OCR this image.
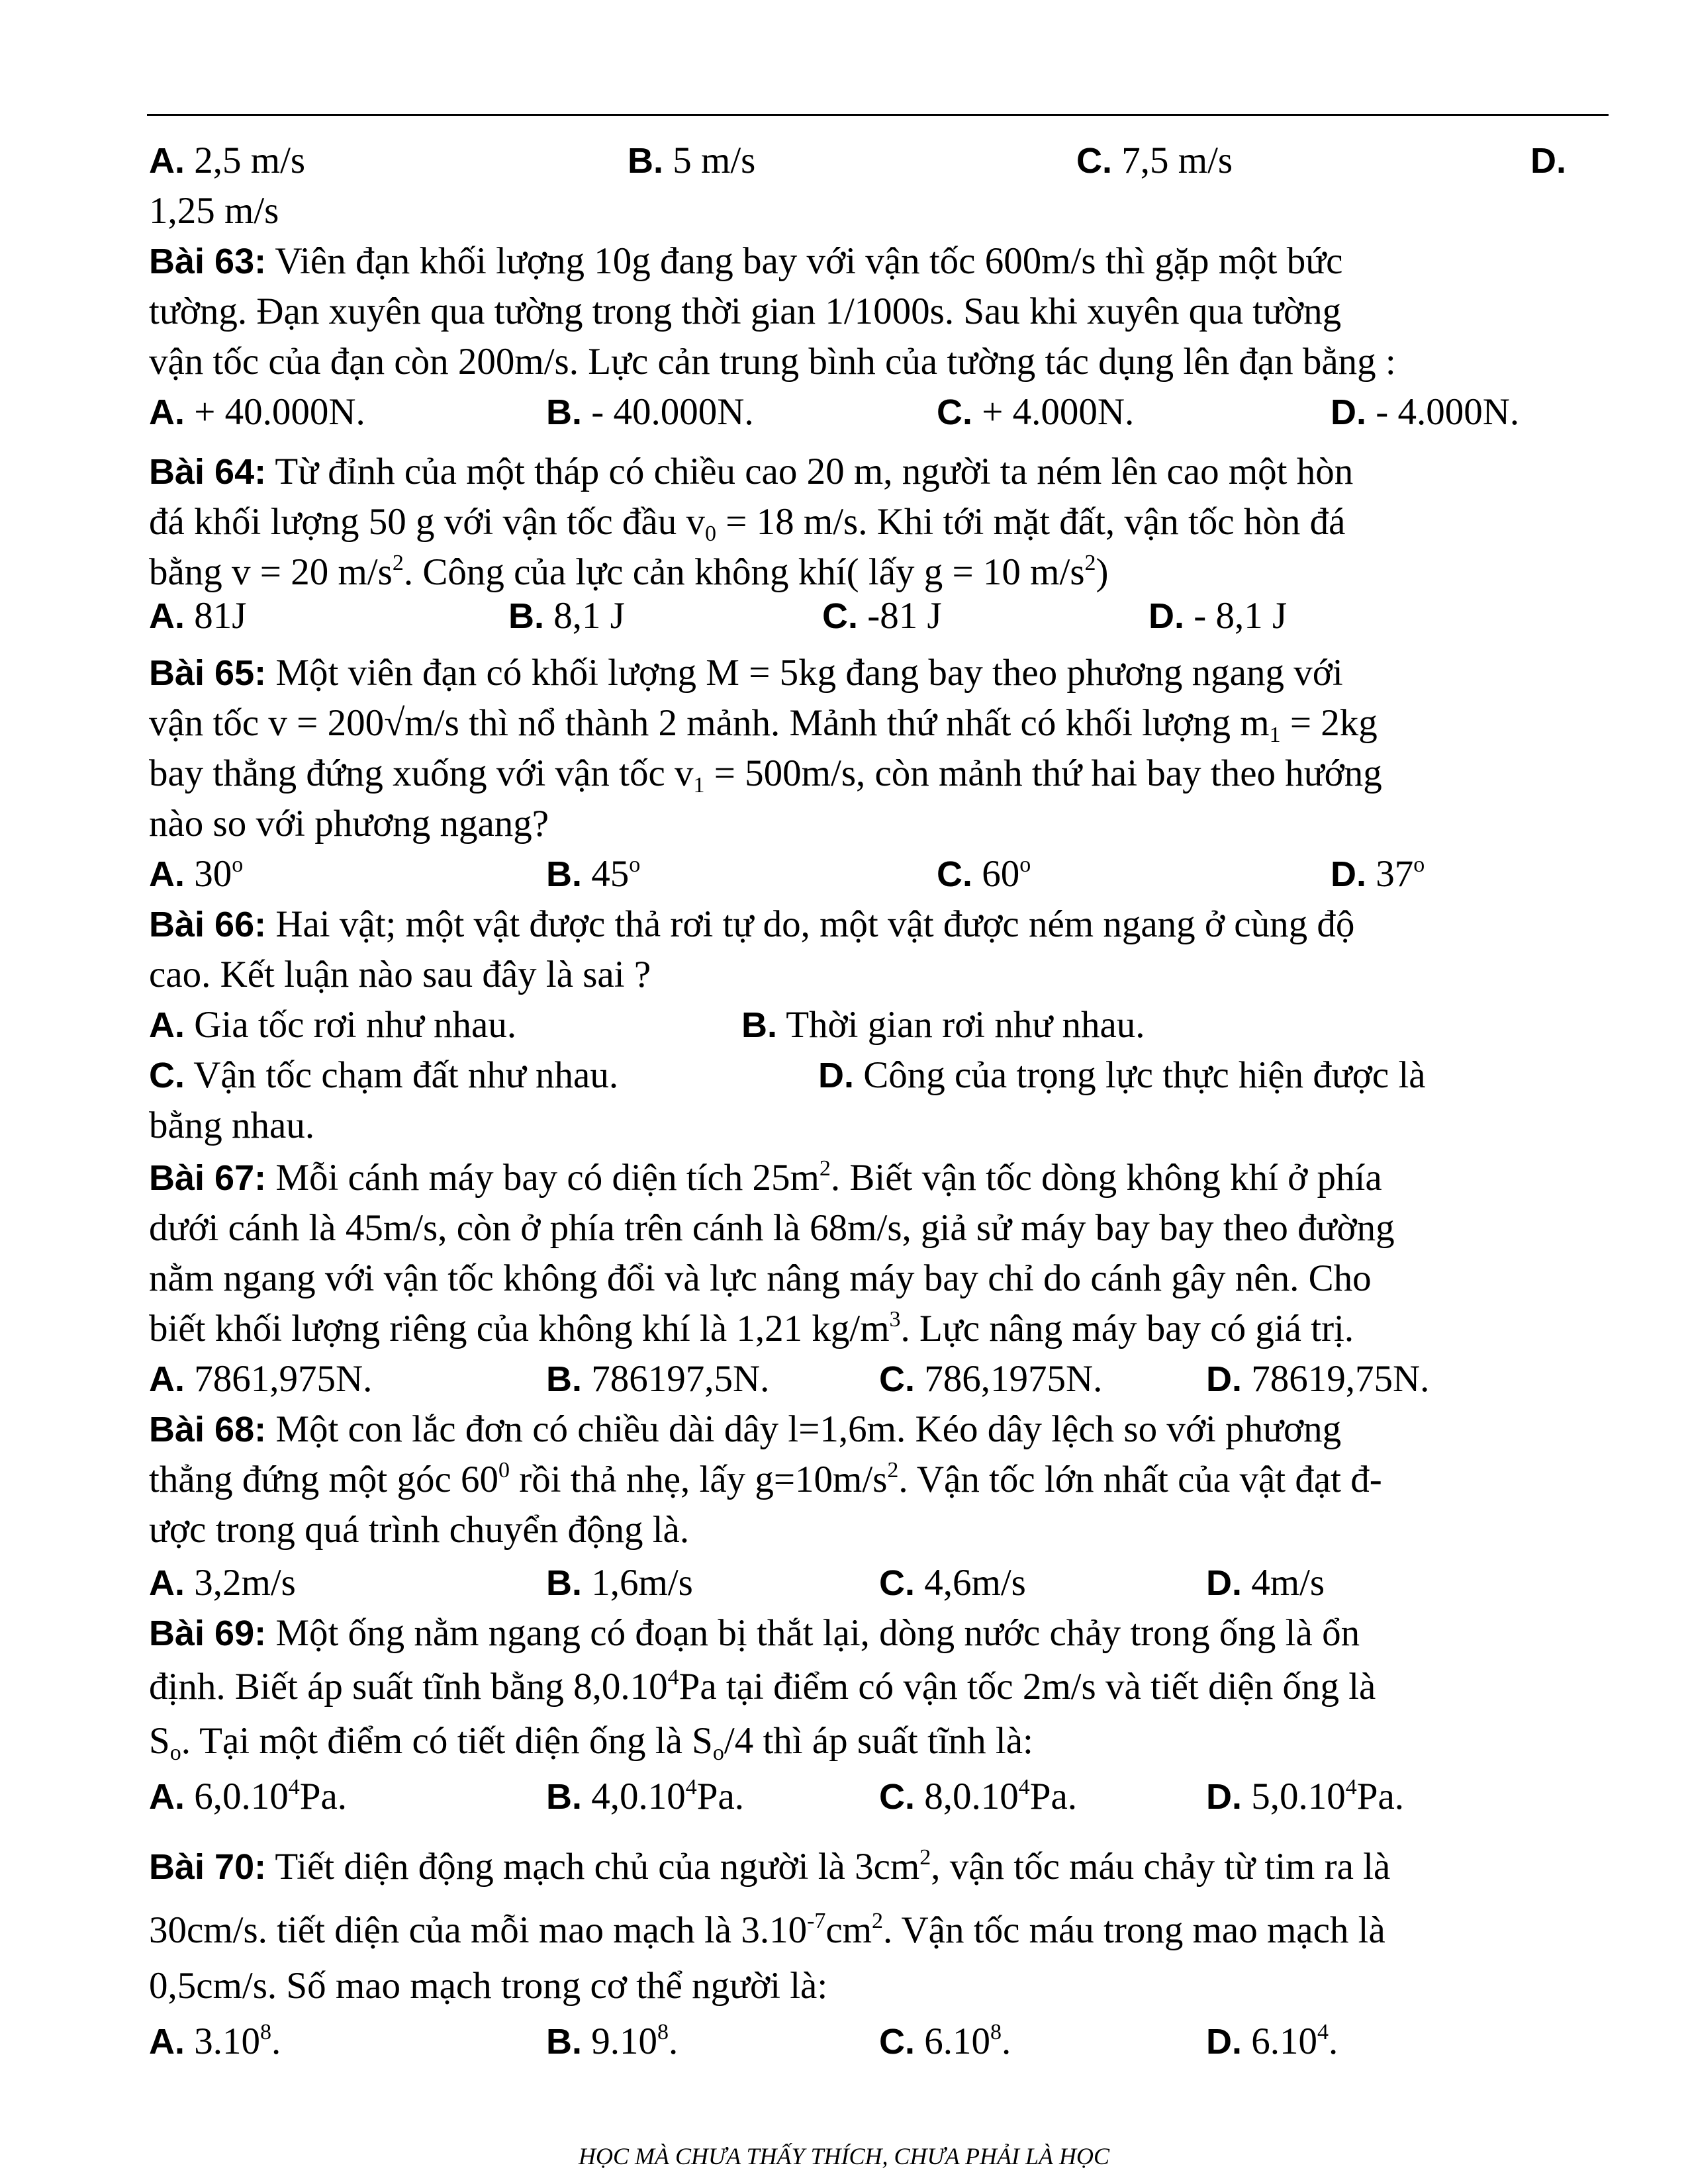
A. 2,5 m/s	B. 5 m/s	C. 7,5 m/s	D.
1,25 m/s
Bài 63: Viên đạn khối lượng 10g đang bay với vận tốc 600m/s thì gặp một bức
tường. Đạn xuyên qua tường trong thời gian 1/1000s. Sau khi xuyên qua tường
vận tốc của đạn còn 200m/s. Lực cản trung bình của tường tác dụng lên đạn bằng :
A. + 40.000N.	B. - 40.000N.	C. + 4.000N.	D. - 4.000N.
Bài 64: Từ đỉnh của một tháp có chiều cao 20 m, người ta ném lên cao một hòn
đá khối lượng 50 g với vận tốc đầu $v_0 = 18$ m/s. Khi tới mặt đất, vận tốc hòn đá
bằng v = 20 $m/s^2$. Công của lực cản không khí( lấy g = 10 $m/s^2$)
A. 81J	B. 8,1 J	C. -81 J	D. - 8,1 J
Bài 65: Một viên đạn có khối lượng M = 5kg đang bay theo phương ngang với
vận tốc v = 200√m/s thì nổ thành 2 mảnh. Mảnh thứ nhất có khối lượng $m_1 = 2kg$
bay thẳng đứng xuống với vận tốc $v_1 = 500m/s$, còn mảnh thứ hai bay theo hướng
nào so với phương ngang?
A. 30$^o$	B. 45$^o$	C. 60$^o$	D. 37$^o$
Bài 66: Hai vật; một vật được thả rơi tự do, một vật được ném ngang ở cùng độ
cao. Kết luận nào sau đây là sai ?
A. Gia tốc rơi như nhau.	B. Thời gian rơi như nhau.
C. Vận tốc chạm đất như nhau.	D. Công của trọng lực thực hiện được là
bằng nhau.
Bài 67: Mỗi cánh máy bay có diện tích $25m^2$. Biết vận tốc dòng không khí ở phía
dưới cánh là 45m/s, còn ở phía trên cánh là 68m/s, giả sử máy bay bay theo đường
nằm ngang với vận tốc không đổi và lực nâng máy bay chỉ do cánh gây nên. Cho
biết khối lượng riêng của không khí là 1,21 $kg/m^3$. Lực nâng máy bay có giá trị.
A. 7861,975N.	B. 786197,5N.	C. 786,1975N.	D. 78619,75N.
Bài 68: Một con lắc đơn có chiều dài dây l=1,6m. Kéo dây lệch so với phương
thẳng đứng một góc $60^0$ rồi thả nhẹ, lấy $g=10m/s^2$. Vận tốc lớn nhất của vật đạt đ-
ược trong quá trình chuyển động là.
A. 3,2m/s	B. 1,6m/s	C. 4,6m/s	D. 4m/s
Bài 69: Một ống nằm ngang có đoạn bị thắt lại, dòng nước chảy trong ống là ổn
định. Biết áp suất tĩnh bằng 8,0.10$^4$Pa tại điểm có vận tốc 2m/s và tiết diện ống là
$S_o$. Tại một điểm có tiết diện ống là $S_o/4$ thì áp suất tĩnh là:
A. 6,0.10$^4$Pa.	B. 4,0.10$^4$Pa.	C. 8,0.10$^4$Pa.	D. 5,0.10$^4$Pa.
Bài 70: Tiết diện động mạch chủ của người là $3cm^2$, vận tốc máu chảy từ tim ra là
30cm/s. tiết diện của mỗi mao mạch là $3.10^{-7}cm^2$. Vận tốc máu trong mao mạch là
0,5cm/s. Số mao mạch trong cơ thể người là:
A. 3.10$^8$.	B. 9.10$^8$.	C. 6.10$^8$.	D. 6.10$^4$.
HỌC MÀ CHƯA THẤY THÍCH, CHƯA PHẢI LÀ HỌC
